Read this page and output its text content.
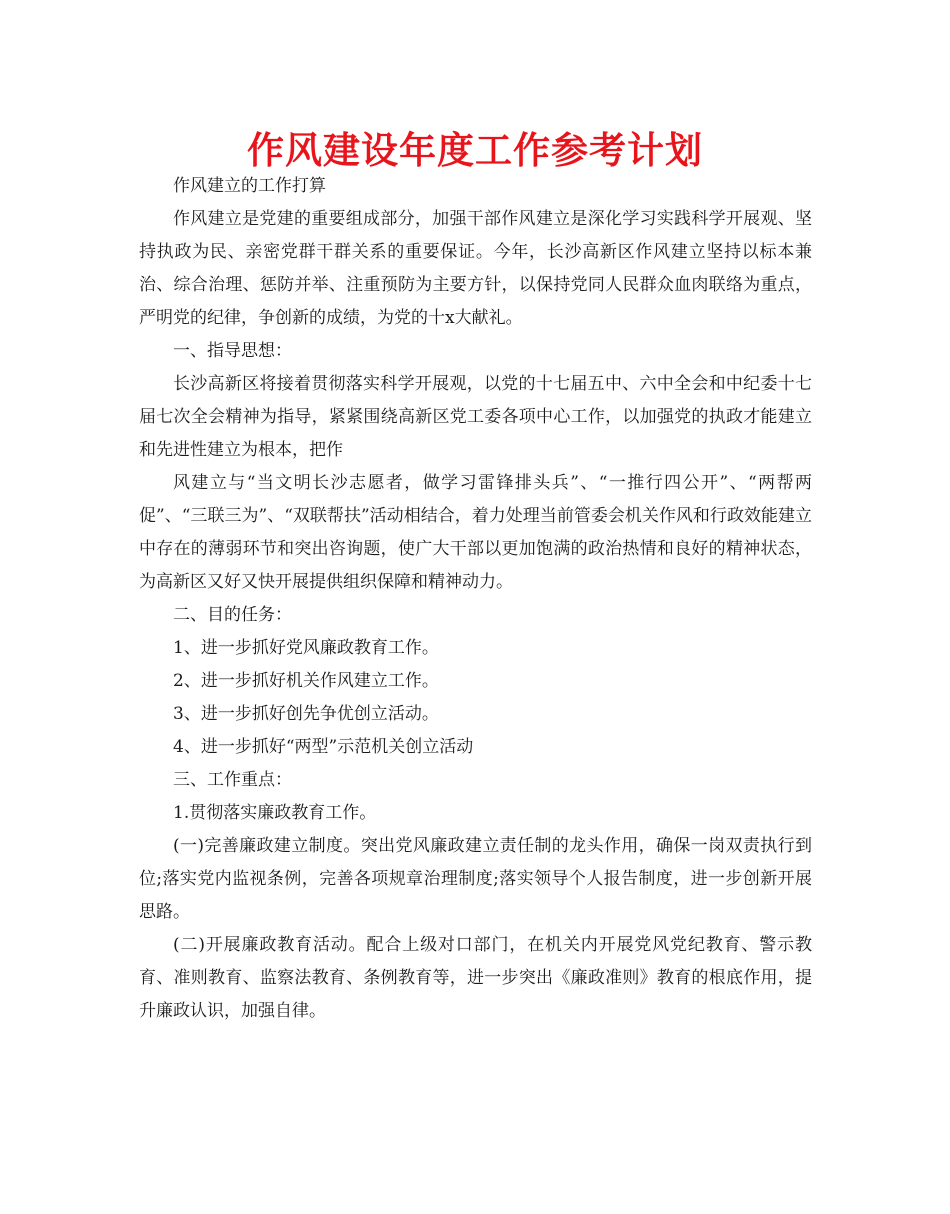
作风建设年度工作参考计划

作风建立的工作打算

作风建立是党建的重要组成部分，加强干部作风建立是深化学习实践科学开展观、坚持执政为民、亲密党群干群关系的重要保证。今年，长沙高新区作风建立坚持以标本兼治、综合治理、惩防并举、注重预防为主要方针，以保持党同人民群众血肉联络为重点，严明党的纪律，争创新的成绩，为党的十x大献礼。

一、指导思想：

长沙高新区将接着贯彻落实科学开展观，以党的十七届五中、六中全会和中纪委十七届七次全会精神为指导，紧紧围绕高新区党工委各项中心工作，以加强党的执政才能建立和先进性建立为根本，把作

风建立与“当文明长沙志愿者，做学习雷锋排头兵”、“一推行四公开”、“两帮两促”、“三联三为”、“双联帮扶”活动相结合，着力处理当前管委会机关作风和行政效能建立中存在的薄弱环节和突出咨询题，使广大干部以更加饱满的政治热情和良好的精神状态，为高新区又好又快开展提供组织保障和精神动力。

二、目的任务：

1、进一步抓好党风廉政教育工作。

2、进一步抓好机关作风建立工作。

3、进一步抓好创先争优创立活动。

4、进一步抓好“两型”示范机关创立活动

三、工作重点：

1.贯彻落实廉政教育工作。

(一)完善廉政建立制度。突出党风廉政建立责任制的龙头作用，确保一岗双责执行到位;落实党内监视条例，完善各项规章治理制度;落实领导个人报告制度，进一步创新开展思路。

(二)开展廉政教育活动。配合上级对口部门，在机关内开展党风党纪教育、警示教育、准则教育、监察法教育、条例教育等，进一步突出《廉政准则》教育的根底作用，提升廉政认识，加强自律。
